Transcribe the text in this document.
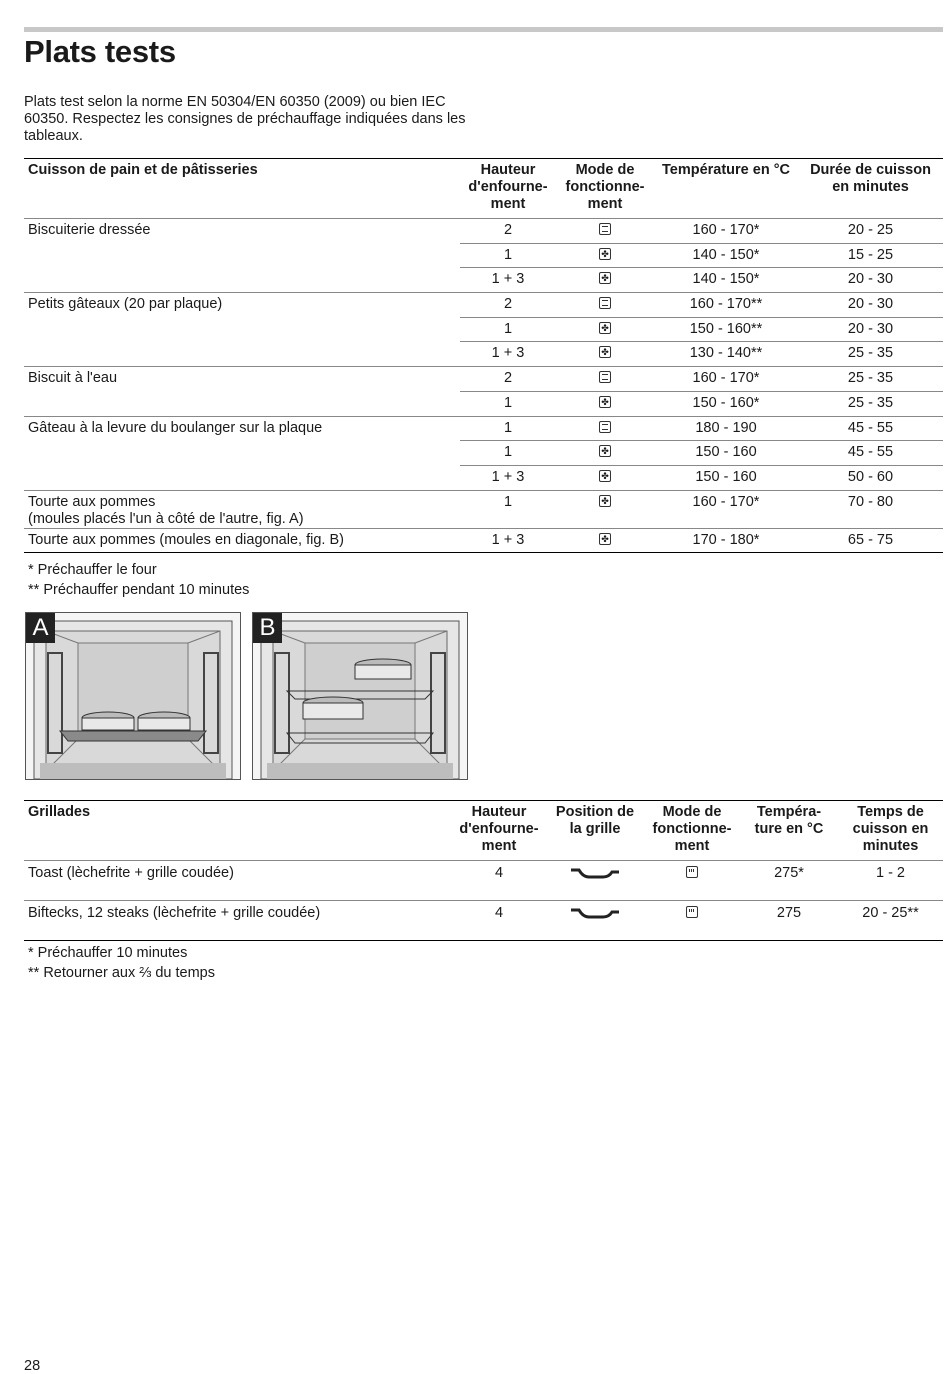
Plats tests

Plats test selon la norme EN 50304/EN 60350 (2009) ou bien IEC 60350. Respectez les consignes de préchauffage indiquées dans les tableaux.

Cuisson de pain et de pâtisseries	Hauteur d'enfourne-ment	Mode de fonctionne-ment	Température en °C	Durée de cuisson en minutes

Biscuiterie dressée	2		160 - 170*	20 - 25
	1	✤	140 - 150*	15 - 25
	1 + 3	✤	140 - 150*	20 - 30

Petits gâteaux (20 par plaque)	2		160 - 170**	20 - 30
	1	✤	150 - 160**	20 - 30
	1 + 3	✤	130 - 140**	25 - 35

Biscuit à l'eau	2		160 - 170*	25 - 35
	1	✤	150 - 160*	25 - 35

Gâteau à la levure du boulanger sur la plaque	1		180 - 190	45 - 55
	1	✤	150 - 160	45 - 55
	1 + 3	✤	150 - 160	50 - 60

Tourte aux pommes
(moules placés l'un à côté de l'autre, fig. A)	1	✤	160 - 170*	70 - 80

Tourte aux pommes (moules en diagonale, fig. B)	1 + 3	✤	170 - 180*	65 - 75

* Préchauffer le four

** Préchauffer pendant 10 minutes

A	B
Grillades	Hauteur d'enfourne-ment	Position de la grille	Mode de fonctionne-ment	Tempéra-ture en °C	Temps de cuisson en minutes
Toast (lèchefrite + grille coudée)	4			275*	1 - 2
Biftecks, 12 steaks (lèchefrite + grille coudée)	4			275	20 - 25**

* Préchauffer 10 minutes

** Retourner aux ⅔ du temps

28
